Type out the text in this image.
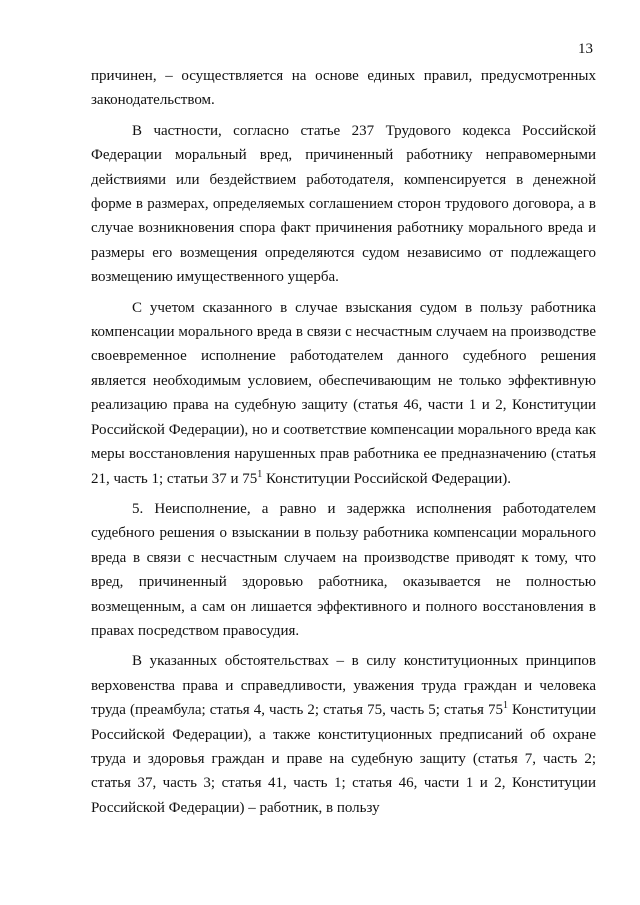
13

причинен, – осуществляется на основе единых правил, предусмотренных законодательством.

В частности, согласно статье 237 Трудового кодекса Российской Федерации моральный вред, причиненный работнику неправомерными действиями или бездействием работодателя, компенсируется в денежной форме в размерах, определяемых соглашением сторон трудового договора, а в случае возникновения спора факт причинения работнику морального вреда и размеры его возмещения определяются судом независимо от подлежащего возмещению имущественного ущерба.

С учетом сказанного в случае взыскания судом в пользу работника компенсации морального вреда в связи с несчастным случаем на производстве своевременное исполнение работодателем данного судебного решения является необходимым условием, обеспечивающим не только эффективную реализацию права на судебную защиту (статья 46, части 1 и 2, Конституции Российской Федерации), но и соответствие компенсации морального вреда как меры восстановления нарушенных прав работника ее предназначению (статья 21, часть 1; статьи 37 и $75^1$ Конституции Российской Федерации).

5. Неисполнение, а равно и задержка исполнения работодателем судебного решения о взыскании в пользу работника компенсации морального вреда в связи с несчастным случаем на производстве приводят к тому, что вред, причиненный здоровью работника, оказывается не полностью возмещенным, а сам он лишается эффективного и полного восстановления в правах посредством правосудия.

В указанных обстоятельствах – в силу конституционных принципов верховенства права и справедливости, уважения труда граждан и человека труда (преамбула; статья 4, часть 2; статья 75, часть 5; статья $75^1$ Конституции Российской Федерации), а также конституционных предписаний об охране труда и здоровья граждан и праве на судебную защиту (статья 7, часть 2; статья 37, часть 3; статья 41, часть 1; статья 46, части 1 и 2, Конституции Российской Федерации) – работник, в пользу
